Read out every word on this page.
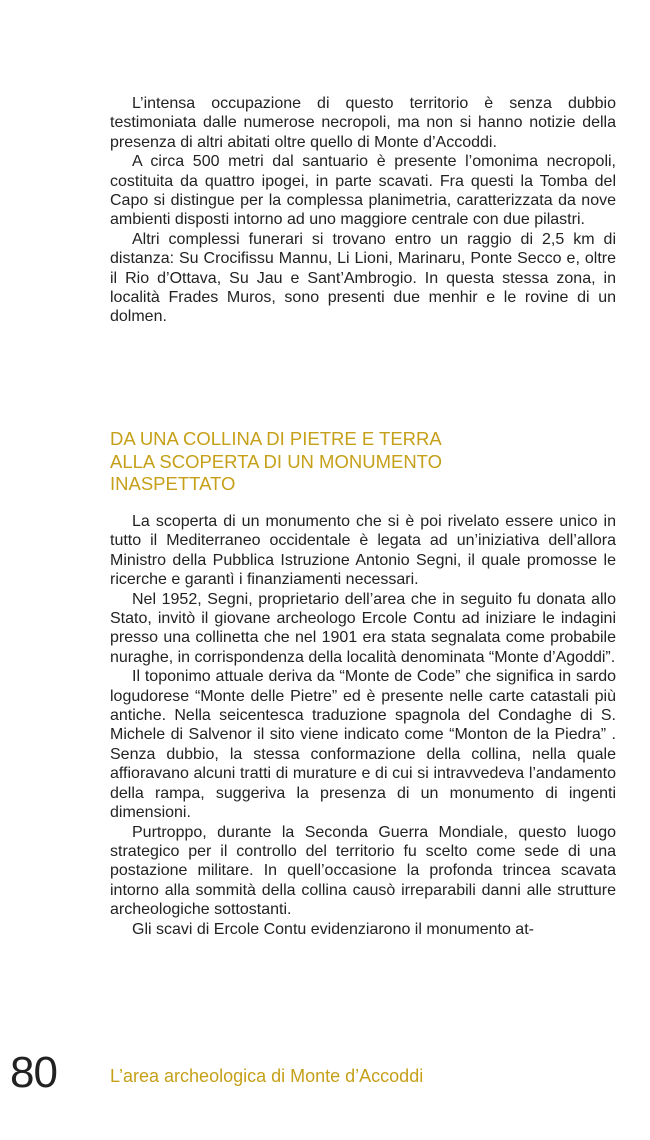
L’intensa occupazione di questo territorio è senza dubbio testimoniata dalle numerose necropoli, ma non si hanno notizie della presenza di altri abitati oltre quello di Monte d’Accoddi.

A circa 500 metri dal santuario è presente l’omonima necropoli, costituita da quattro ipogei, in parte scavati. Fra questi la Tomba del Capo si distingue per la complessa planimetria, caratterizzata da nove ambienti disposti intorno ad uno maggiore centrale con due pilastri.

Altri complessi funerari si trovano entro un raggio di 2,5 km di distanza: Su Crocifissu Mannu, Li Lioni, Marinaru, Ponte Secco e, oltre il Rio d’Ottava, Su Jau e Sant’Ambrogio. In questa stessa zona, in località Frades Muros, sono presenti due menhir e le rovine di un dolmen.

DA UNA COLLINA DI PIETRE E TERRA
ALLA SCOPERTA DI UN MONUMENTO
INASPETTATO

La scoperta di un monumento che si è poi rivelato essere unico in tutto il Mediterraneo occidentale è legata ad un’iniziativa dell’allora Ministro della Pubblica Istruzione Antonio Segni, il quale promosse le ricerche e garantì i finanziamenti necessari.

Nel 1952, Segni, proprietario dell’area che in seguito fu donata allo Stato, invitò il giovane archeologo Ercole Contu ad iniziare le indagini presso una collinetta che nel 1901 era stata segnalata come probabile nuraghe, in corrispondenza della località denominata “Monte d’Agoddi”.

Il toponimo attuale deriva da “Monte de Code” che significa in sardo logudorese “Monte delle Pietre” ed è presente nelle carte catastali più antiche. Nella seicentesca traduzione spagnola del Condaghe di S. Michele di Salvenor il sito viene indicato come “Monton de la Piedra” . Senza dubbio, la stessa conformazione della collina, nella quale affioravano alcuni tratti di murature e di cui si intravvedeva l’andamento della rampa, suggeriva la presenza di un monumento di ingenti dimensioni.

Purtroppo, durante la Seconda Guerra Mondiale, questo luogo strategico per il controllo del territorio fu scelto come sede di una postazione militare. In quell’occasione la profonda trincea scavata intorno alla sommità della collina causò irreparabili danni alle strutture archeologiche sottostanti.

Gli scavi di Ercole Contu evidenziarono il monumento at-

80	L’area archeologica di Monte d’Accoddi
